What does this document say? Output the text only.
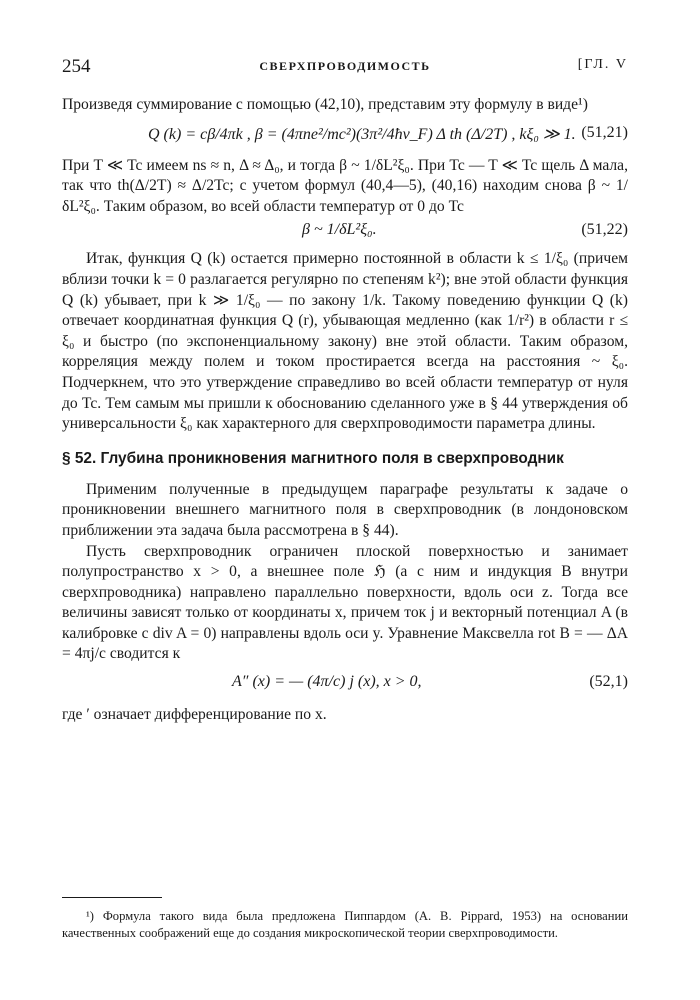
254	СВЕРХПРОВОДИМОСТЬ	[ГЛ. V

Произведя суммирование с помощью (42,10), представим эту формулу в виде¹)

Q (k) = cβ/4πk , β = (4πne²/mc²)(3π²/4ħv_F) Δ th (Δ/2T) , kξ₀ ≫ 1. (51,21)

При T ≪ Tc имеем ns ≈ n, Δ ≈ Δ₀, и тогда β ~ 1/δL²ξ₀. При Tc — T ≪ Tc щель Δ мала, так что th(Δ/2T) ≈ Δ/2Tc; с учетом формул (40,4—5), (40,16) находим снова β ~ 1/δL²ξ₀. Таким образом, во всей области температур от 0 до Tc

β ~ 1/δL²ξ₀.	(51,22)

Итак, функция Q (k) остается примерно постоянной в области k ≤ 1/ξ₀ (причем вблизи точки k = 0 разлагается регулярно по степеням k²); вне этой области функция Q (k) убывает, при k ≫ 1/ξ₀ — по закону 1/k. Такому поведению функции Q (k) отвечает координатная функция Q (r), убывающая медленно (как 1/r²) в области r ≤ ξ₀ и быстро (по экспоненциальному закону) вне этой области. Таким образом, корреляция между полем и током простирается всегда на расстояния ~ ξ₀. Подчеркнем, что это утверждение справедливо во всей области температур от нуля до Tc. Тем самым мы пришли к обоснованию сделанного уже в § 44 утверждения об универсальности ξ₀ как характерного для сверхпроводимости параметра длины.

§ 52. Глубина проникновения магнитного поля в сверхпроводник

Применим полученные в предыдущем параграфе результаты к задаче о проникновении внешнего магнитного поля в сверхпроводник (в лондоновском приближении эта задача была рассмотрена в § 44).

Пусть сверхпроводник ограничен плоской поверхностью и занимает полупространство x > 0, а внешнее поле ℌ (а с ним и индукция B внутри сверхпроводника) направлено параллельно поверхности, вдоль оси z. Тогда все величины зависят только от координаты x, причем ток j и векторный потенциал A (в калибровке с div A = 0) направлены вдоль оси y. Уравнение Максвелла rot B = — ΔA = 4πj/c сводится к

A″ (x) = — (4π/c) j (x), x > 0,	(52,1)

где ′ означает дифференцирование по x.

¹) Формула такого вида была предложена Пиппардом (А. В. Pippard, 1953) на основании качественных соображений еще до создания микроскопической теории сверхпроводимости.
